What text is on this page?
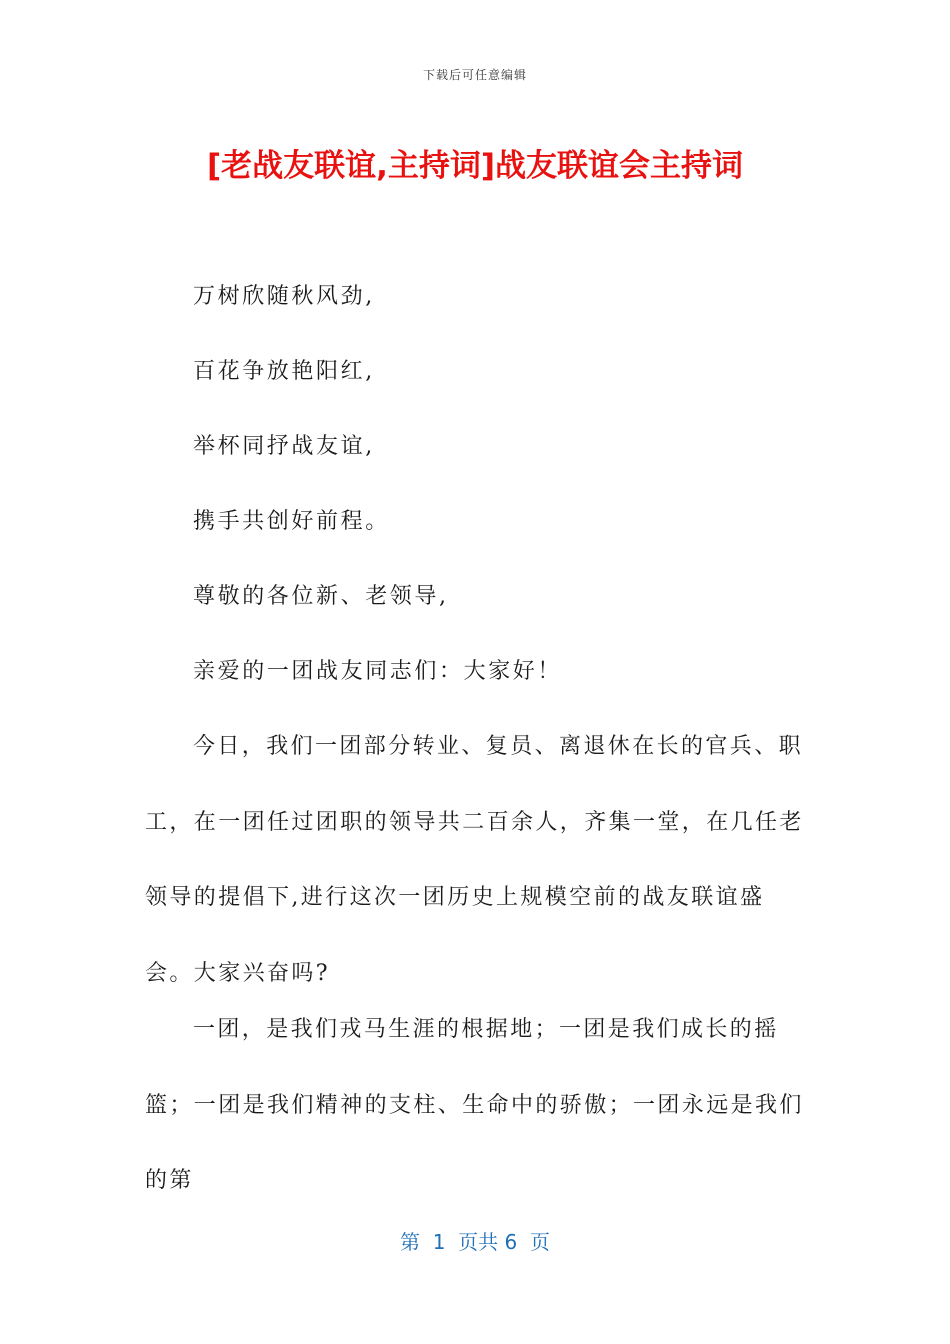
下载后可任意编辑
[老战友联谊,主持词]战友联谊会主持词
万树欣随秋风劲,
百花争放艳阳红,
举杯同抒战友谊,
携手共创好前程。
尊敬的各位新、老领导,
亲爱的一团战友同志们：大家好！
今日，我们一团部分转业、复员、离退休在长的官兵、职工，在一团任过团职的领导共二百余人，齐集一堂，在几任老领导的提倡下,进行这次一团历史上规模空前的战友联谊盛会。大家兴奋吗?
一团，是我们戎马生涯的根据地；一团是我们成长的摇篮；一团是我们精神的支柱、生命中的骄傲；一团永远是我们的第
第  1  页共 6  页
